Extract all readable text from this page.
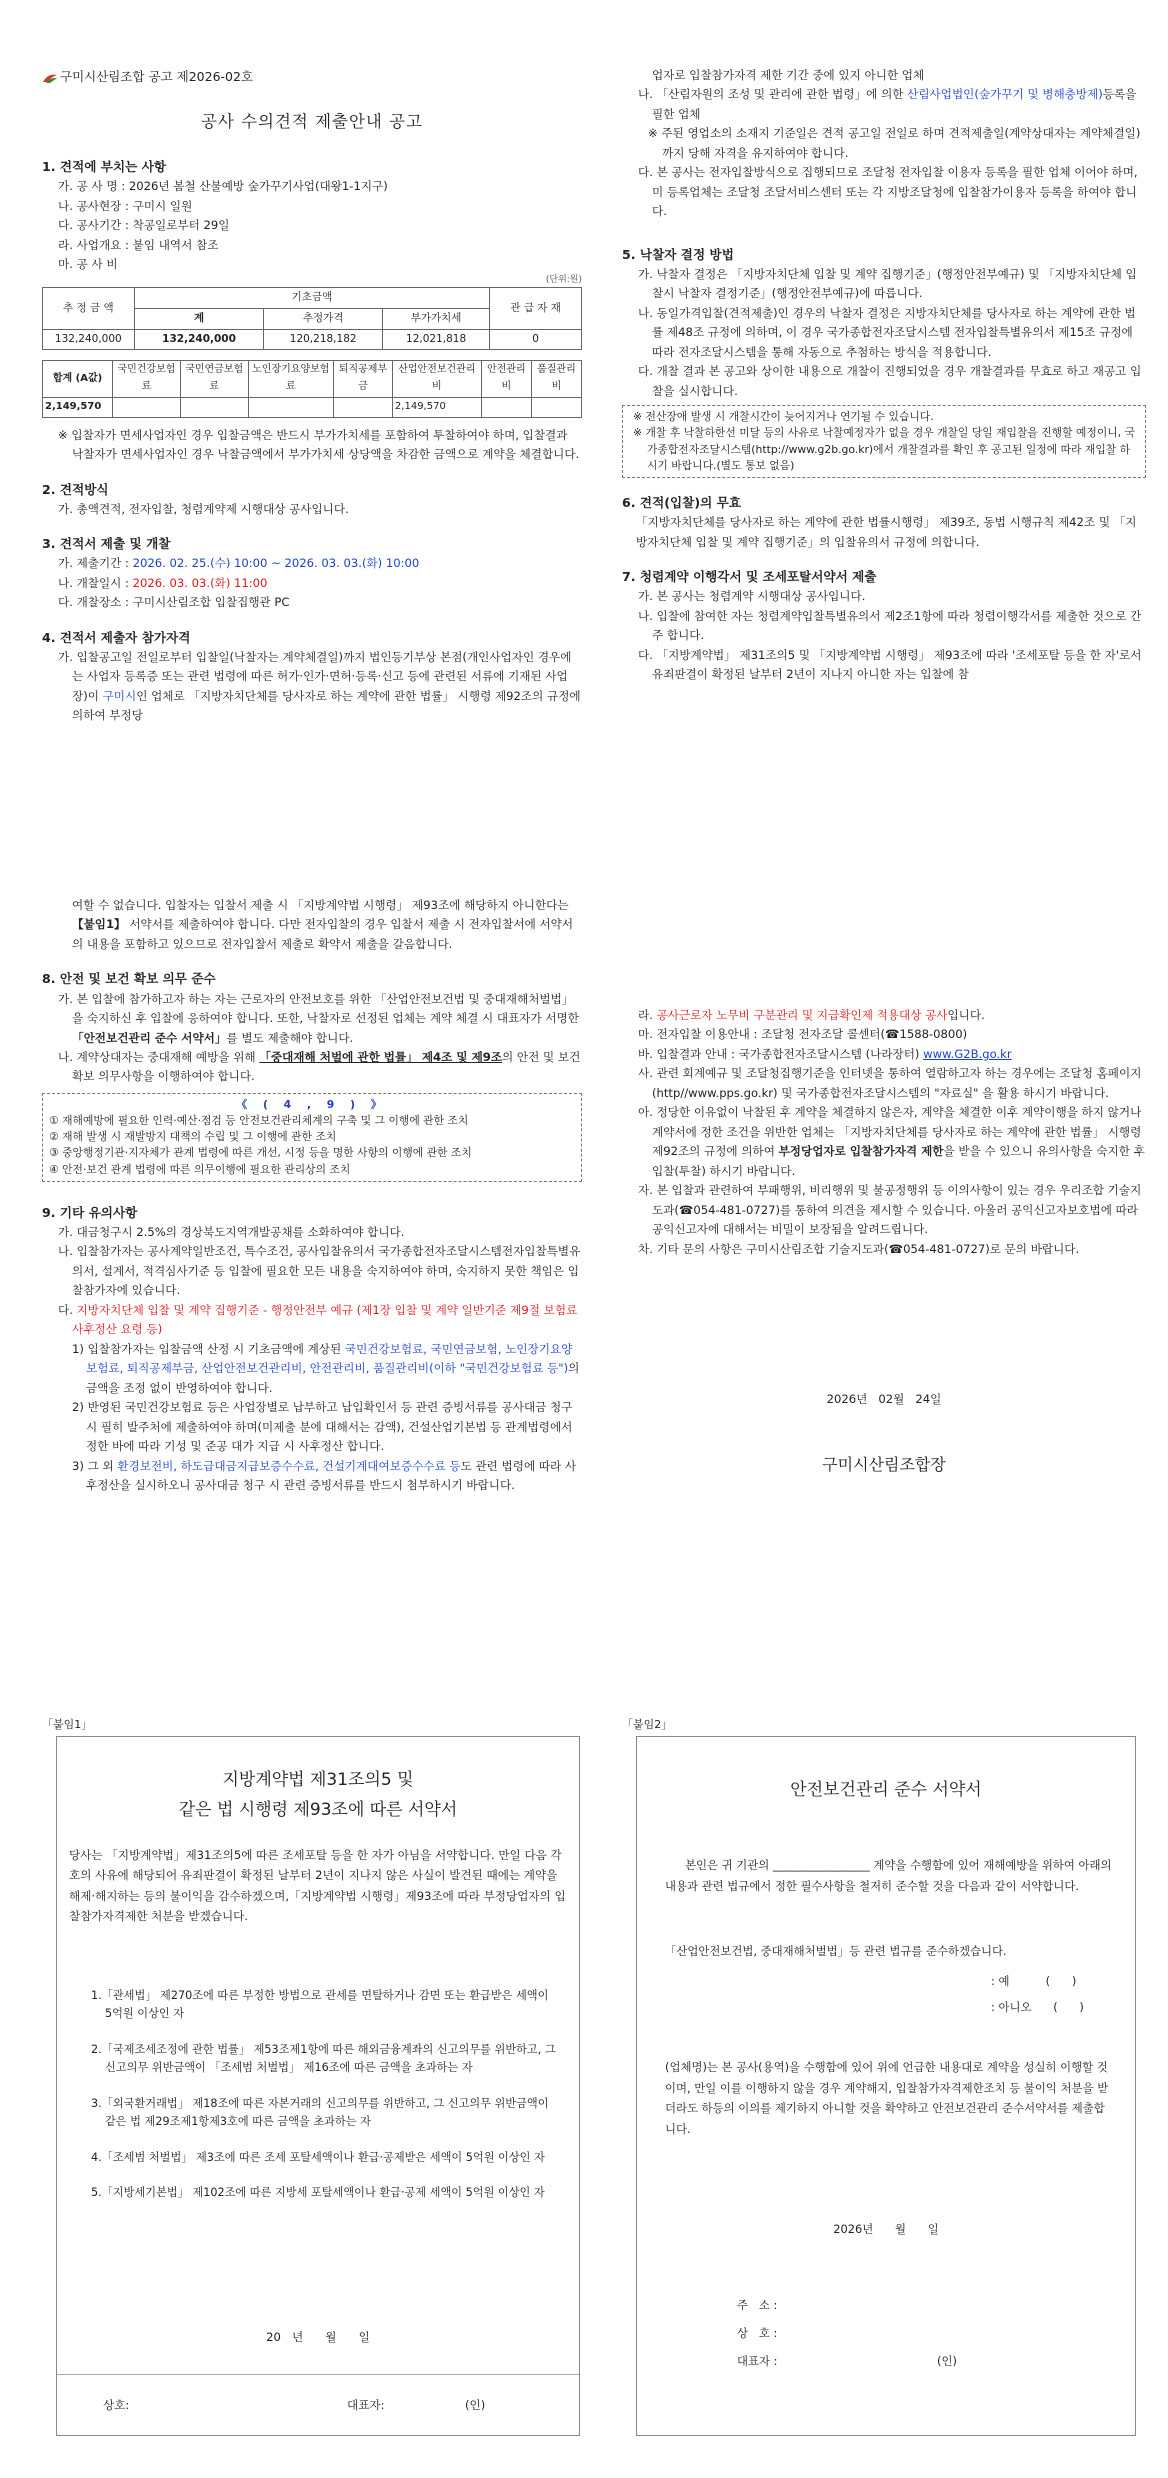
구미시산림조합 공고 제2026-02호
공사 수의견적 제출안내 공고
1. 견적에 부치는 사항
가. 공 사 명 : 2026년 봄철 산불예방 숲가꾸기사업(대왕1-1지구)
나. 공사현장 : 구미시 일원
다. 공사기간 : 착공일로부터 29일
라. 사업개요 : 붙임 내역서 참조
마. 공 사 비
(단위:원)
추 정 금 액	기초금액			관 급 자 재
	계	추정가격	부가가치세	
132,240,000	132,240,000	120,218,182	12,021,818	0
합계 (A값)	국민건강보험료	국민연금보험료	노인장기요양보험료	퇴직공제부금	산업안전보건관리비	안전관리비	품질관리비
2,149,570					2,149,570		
※ 입찰자가 면세사업자인 경우 입찰금액은 반드시 부가가치세를 포함하여 투찰하여야 하며, 입찰결과 낙찰자가 면세사업자인 경우 낙찰금액에서 부가가치세 상당액을 차감한 금액으로 계약을 체결합니다.
2. 견적방식
가. 총액견적, 전자입찰, 청렴계약제 시행대상 공사입니다.
3. 견적서 제출 및 개찰
가. 제출기간 : 2026. 02. 25.(수) 10:00 ∼ 2026. 03. 03.(화) 10:00
나. 개찰일시 : 2026. 03. 03.(화) 11:00
다. 개찰장소 : 구미시산림조합 입찰집행관 PC
4. 견적서 제출자 참가자격
가. 입찰공고일 전일로부터 입찰일(낙찰자는 계약체결일)까지 법인등기부상 본점(개인사업자인 경우에는 사업자 등록증 또는 관련 법령에 따른 허가·인가·면허·등록·신고 등에 관련된 서류에 기재된 사업장)이 구미시인 업체로 「지방자치단체를 당사자로 하는 계약에 관한 법률」 시행령 제92조의 규정에 의하여 부정당
업자로 입찰참가자격 제한 기간 중에 있지 아니한 업체
나. 「산림자원의 조성 및 관리에 관한 법령」에 의한 산림사업법인(숲가꾸기 및 병해충방제)등록을 필한 업체
※ 주된 영업소의 소재지 기준일은 견적 공고일 전일로 하며 견적제출일(계약상대자는 계약체결일)까지 당해 자격을 유지하여야 합니다.
다. 본 공사는 전자입찰방식으로 집행되므로 조달청 전자입찰 이용자 등록을 필한 업체 이어야 하며, 미 등록업체는 조달청 조달서비스센터 또는 각 지방조달청에 입찰참가이용자 등록을 하여야 합니다.
5. 낙찰자 결정 방법
가. 낙찰자 결정은 「지방자치단체 입찰 및 계약 집행기준」(행정안전부예규) 및 「지방자치단체 입찰시 낙찰자 결정기준」(행정안전부예규)에 따릅니다.
나. 동일가격입찰(견적제출)인 경우의 낙찰자 결정은 지방자치단체를 당사자로 하는 계약에 관한 법률 제48조 규정에 의하며, 이 경우 국가종합전자조달시스템 전자입찰특별유의서 제15조 규정에 따라 전자조달시스템을 통해 자동으로 추첨하는 방식을 적용합니다.
다. 개찰 결과 본 공고와 상이한 내용으로 개찰이 진행되었을 경우 개찰결과를 무효로 하고 재공고 입찰을 실시합니다.
※ 전산장애 발생 시 개찰시간이 늦어지거나 연기될 수 있습니다.
※ 개찰 후 낙찰하한선 미달 등의 사유로 낙찰예정자가 없을 경우 개찰일 당일 재입찰을 진행할 예정이니, 국가종합전자조달시스템(http://www.g2b.go.kr)에서 개찰결과를 확인 후 공고된 일정에 따라 재입찰 하시기 바랍니다.(별도 통보 없음)
6. 견적(입찰)의 무효
「지방자치단체를 당사자로 하는 계약에 관한 법률시행령」 제39조, 동법 시행규칙 제42조 및 「지방자치단체 입찰 및 계약 집행기준」의 입찰유의서 규정에 의합니다.
7. 청렴계약 이행각서 및 조세포탈서약서 제출
가. 본 공사는 청렴계약 시행대상 공사입니다.
나. 입찰에 참여한 자는 청렴계약입찰특별유의서 제2조1항에 따라 청렴이행각서를 제출한 것으로 간주 합니다.
다. 「지방계약법」 제31조의5 및 「지방계약법 시행령」 제93조에 따라 '조세포탈 등을 한 자'로서 유죄판결이 확정된 날부터 2년이 지나지 아니한 자는 입찰에 참
여할 수 없습니다. 입찰자는 입찰서 제출 시 「지방계약법 시행령」 제93조에 해당하지 아니한다는 【붙임1】 서약서를 제출하여야 합니다. 다만 전자입찰의 경우 입찰서 제출 시 전자입찰서에 서약서의 내용을 포함하고 있으므로 전자입찰서 제출로 확약서 제출을 갈음합니다.
8. 안전 및 보건 확보 의무 준수
가. 본 입찰에 참가하고자 하는 자는 근로자의 안전보호를 위한 「산업안전보건법 및 중대재해처벌법」을 숙지하신 후 입찰에 응하여야 합니다. 또한, 낙찰자로 선정된 업체는 계약 체결 시 대표자가 서명한 「안전보건관리 준수 서약서」를 별도 제출해야 합니다.
나. 계약상대자는 중대재해 예방을 위해 「중대재해 처벌에 관한 법률」 제4조 및 제9조의 안전 및 보건 확보 의무사항을 이행하여야 합니다.
《 ( 4 , 9 ) 》
① 재해예방에 필요한 인력·예산·점검 등 안전보건관리체계의 구축 및 그 이행에 관한 조치
② 재해 발생 시 재발방지 대책의 수립 및 그 이행에 관한 조치
③ 중앙행정기관·지자체가 관계 법령에 따른 개선, 시정 등을 명한 사항의 이행에 관한 조치
④ 안전·보건 관계 법령에 따른 의무이행에 필요한 관리상의 조치
9. 기타 유의사항
가. 대금청구시 2.5%의 경상북도지역개발공채를 소화하여야 합니다.
나. 입찰참가자는 공사계약일반조건, 특수조건, 공사입찰유의서 국가종합전자조달시스템전자입찰특별유의서, 설계서, 적격심사기준 등 입찰에 필요한 모든 내용을 숙지하여야 하며, 숙지하지 못한 책임은 입찰참가자에 있습니다.
다. 지방자치단체 입찰 및 계약 집행기준 - 행정안전부 예규 (제1장 입찰 및 계약 일반기준 제9절 보험료 사후정산 요령 등)
1) 입찰참가자는 입찰금액 산정 시 기초금액에 계상된 국민건강보험료, 국민연금보험, 노인장기요양보험료, 퇴직공제부금, 산업안전보건관리비, 안전관리비, 품질관리비(이하 "국민건강보험료 등")의 금액을 조정 없이 반영하여야 합니다.
2) 반영된 국민건강보험료 등은 사업장별로 납부하고 납입확인서 등 관련 증빙서류를 공사대금 청구 시 필히 발주처에 제출하여야 하며(미제출 분에 대해서는 감액), 건설산업기본법 등 관계법령에서 정한 바에 따라 기성 및 준공 대가 지급 시 사후정산 합니다.
3) 그 외 환경보전비, 하도급대금지급보증수수료, 건설기계대여보증수수료 등도 관련 법령에 따라 사후정산을 실시하오니 공사대금 청구 시 관련 증빙서류를 반드시 첨부하시기 바랍니다.
라. 공사근로자 노무비 구분관리 및 지급확인제 적용대상 공사입니다.
마. 전자입찰 이용안내 : 조달청 전자조달 콜센터(☎1588-0800)
바. 입찰결과 안내 : 국가종합전자조달시스템 (나라장터) www.G2B.go.kr
사. 관련 회계예규 및 조달청집행기준을 인터넷을 통하여 열람하고자 하는 경우에는 조달청 홈페이지 (http//www.pps.go.kr) 및 국가종합전자조달시스템의 "자료실" 을 활용 하시기 바랍니다.
아. 정당한 이유없이 낙찰된 후 계약을 체결하지 않은자, 계약을 체결한 이후 계약이행을 하지 않거나 계약서에 정한 조건을 위반한 업체는 「지방자치단체를 당사자로 하는 계약에 관한 법률」 시행령 제92조의 규정에 의하여 부정당업자로 입찰참가자격 제한을 받을 수 있으니 유의사항을 숙지한 후 입찰(투찰) 하시기 바랍니다.
자. 본 입찰과 관련하여 부패행위, 비리행위 및 불공정행위 등 이의사항이 있는 경우 우리조합 기술지도과(☎054-481-0727)를 통하여 의견을 제시할 수 있습니다. 아울러 공익신고자보호법에 따라 공익신고자에 대해서는 비밀이 보장됨을 알려드립니다.
차. 기타 문의 사항은 구미시산림조합 기술지도과(☎054-481-0727)로 문의 바랍니다.
2026년   02월   24일
구미시산림조합장
「붙임1」
지방계약법 제31조의5 및
같은 법 시행령 제93조에 따른 서약서
당사는 「지방계약법」제31조의5에 따른 조세포탈 등을 한 자가 아님을 서약합니다. 만일 다음 각호의 사유에 해당되어 유죄판결이 확정된 날부터 2년이 지나지 않은 사실이 발견된 때에는 계약을 해제·해지하는 등의 불이익을 감수하겠으며,「지방계약법 시행령」제93조에 따라 부정당업자의 입찰참가자격제한 처분을 받겠습니다.
1.「관세법」 제270조에 따른 부정한 방법으로 관세를 면탈하거나 감면 또는 환급받은 세액이 5억원 이상인 자
2.「국제조세조정에 관한 법률」 제53조제1항에 따른 해외금융계좌의 신고의무를 위반하고, 그 신고의무 위반금액이 「조세범 처벌법」 제16조에 따른 금액을 초과하는 자
3.「외국환거래법」 제18조에 따른 자본거래의 신고의무를 위반하고, 그 신고의무 위반금액이 같은 법 제29조제1항제3호에 따른 금액을 초과하는 자
4.「조세범 처벌법」 제3조에 따른 조세 포탈세액이나 환급·공제받은 세액이 5억원 이상인 자
5.「지방세기본법」 제102조에 따른 지방세 포탈세액이나 환급·공제 세액이 5억원 이상인 자
20   년      월      일
상호:	대표자:	(인)
「붙임2」
안전보건관리 준수 서약서
본인은 귀 기관의 _________________ 계약을 수행함에 있어 재해예방을 위하여 아래의 내용과 관련 법규에서 정한 필수사항을 철저히 준수할 것을 다음과 같이 서약합니다.
「산업안전보건법, 중대재해처벌법」등 관련 법규를 준수하겠습니다.
: 예          (      )
: 아니오      (      )
(업체명)는 본 공사(용역)을 수행함에 있어 위에 언급한 내용대로 계약을 성실히 이행할 것이며, 만일 이를 이행하지 않을 경우 계약해지, 입찰참가자격제한조치 등 불이익 처분을 받더라도 하등의 이의를 제기하지 아니할 것을 확약하고 안전보건관리 준수서약서를 제출합니다.
2026년      월      일
주   소 :
상   호 :
대표자 :	(인)
